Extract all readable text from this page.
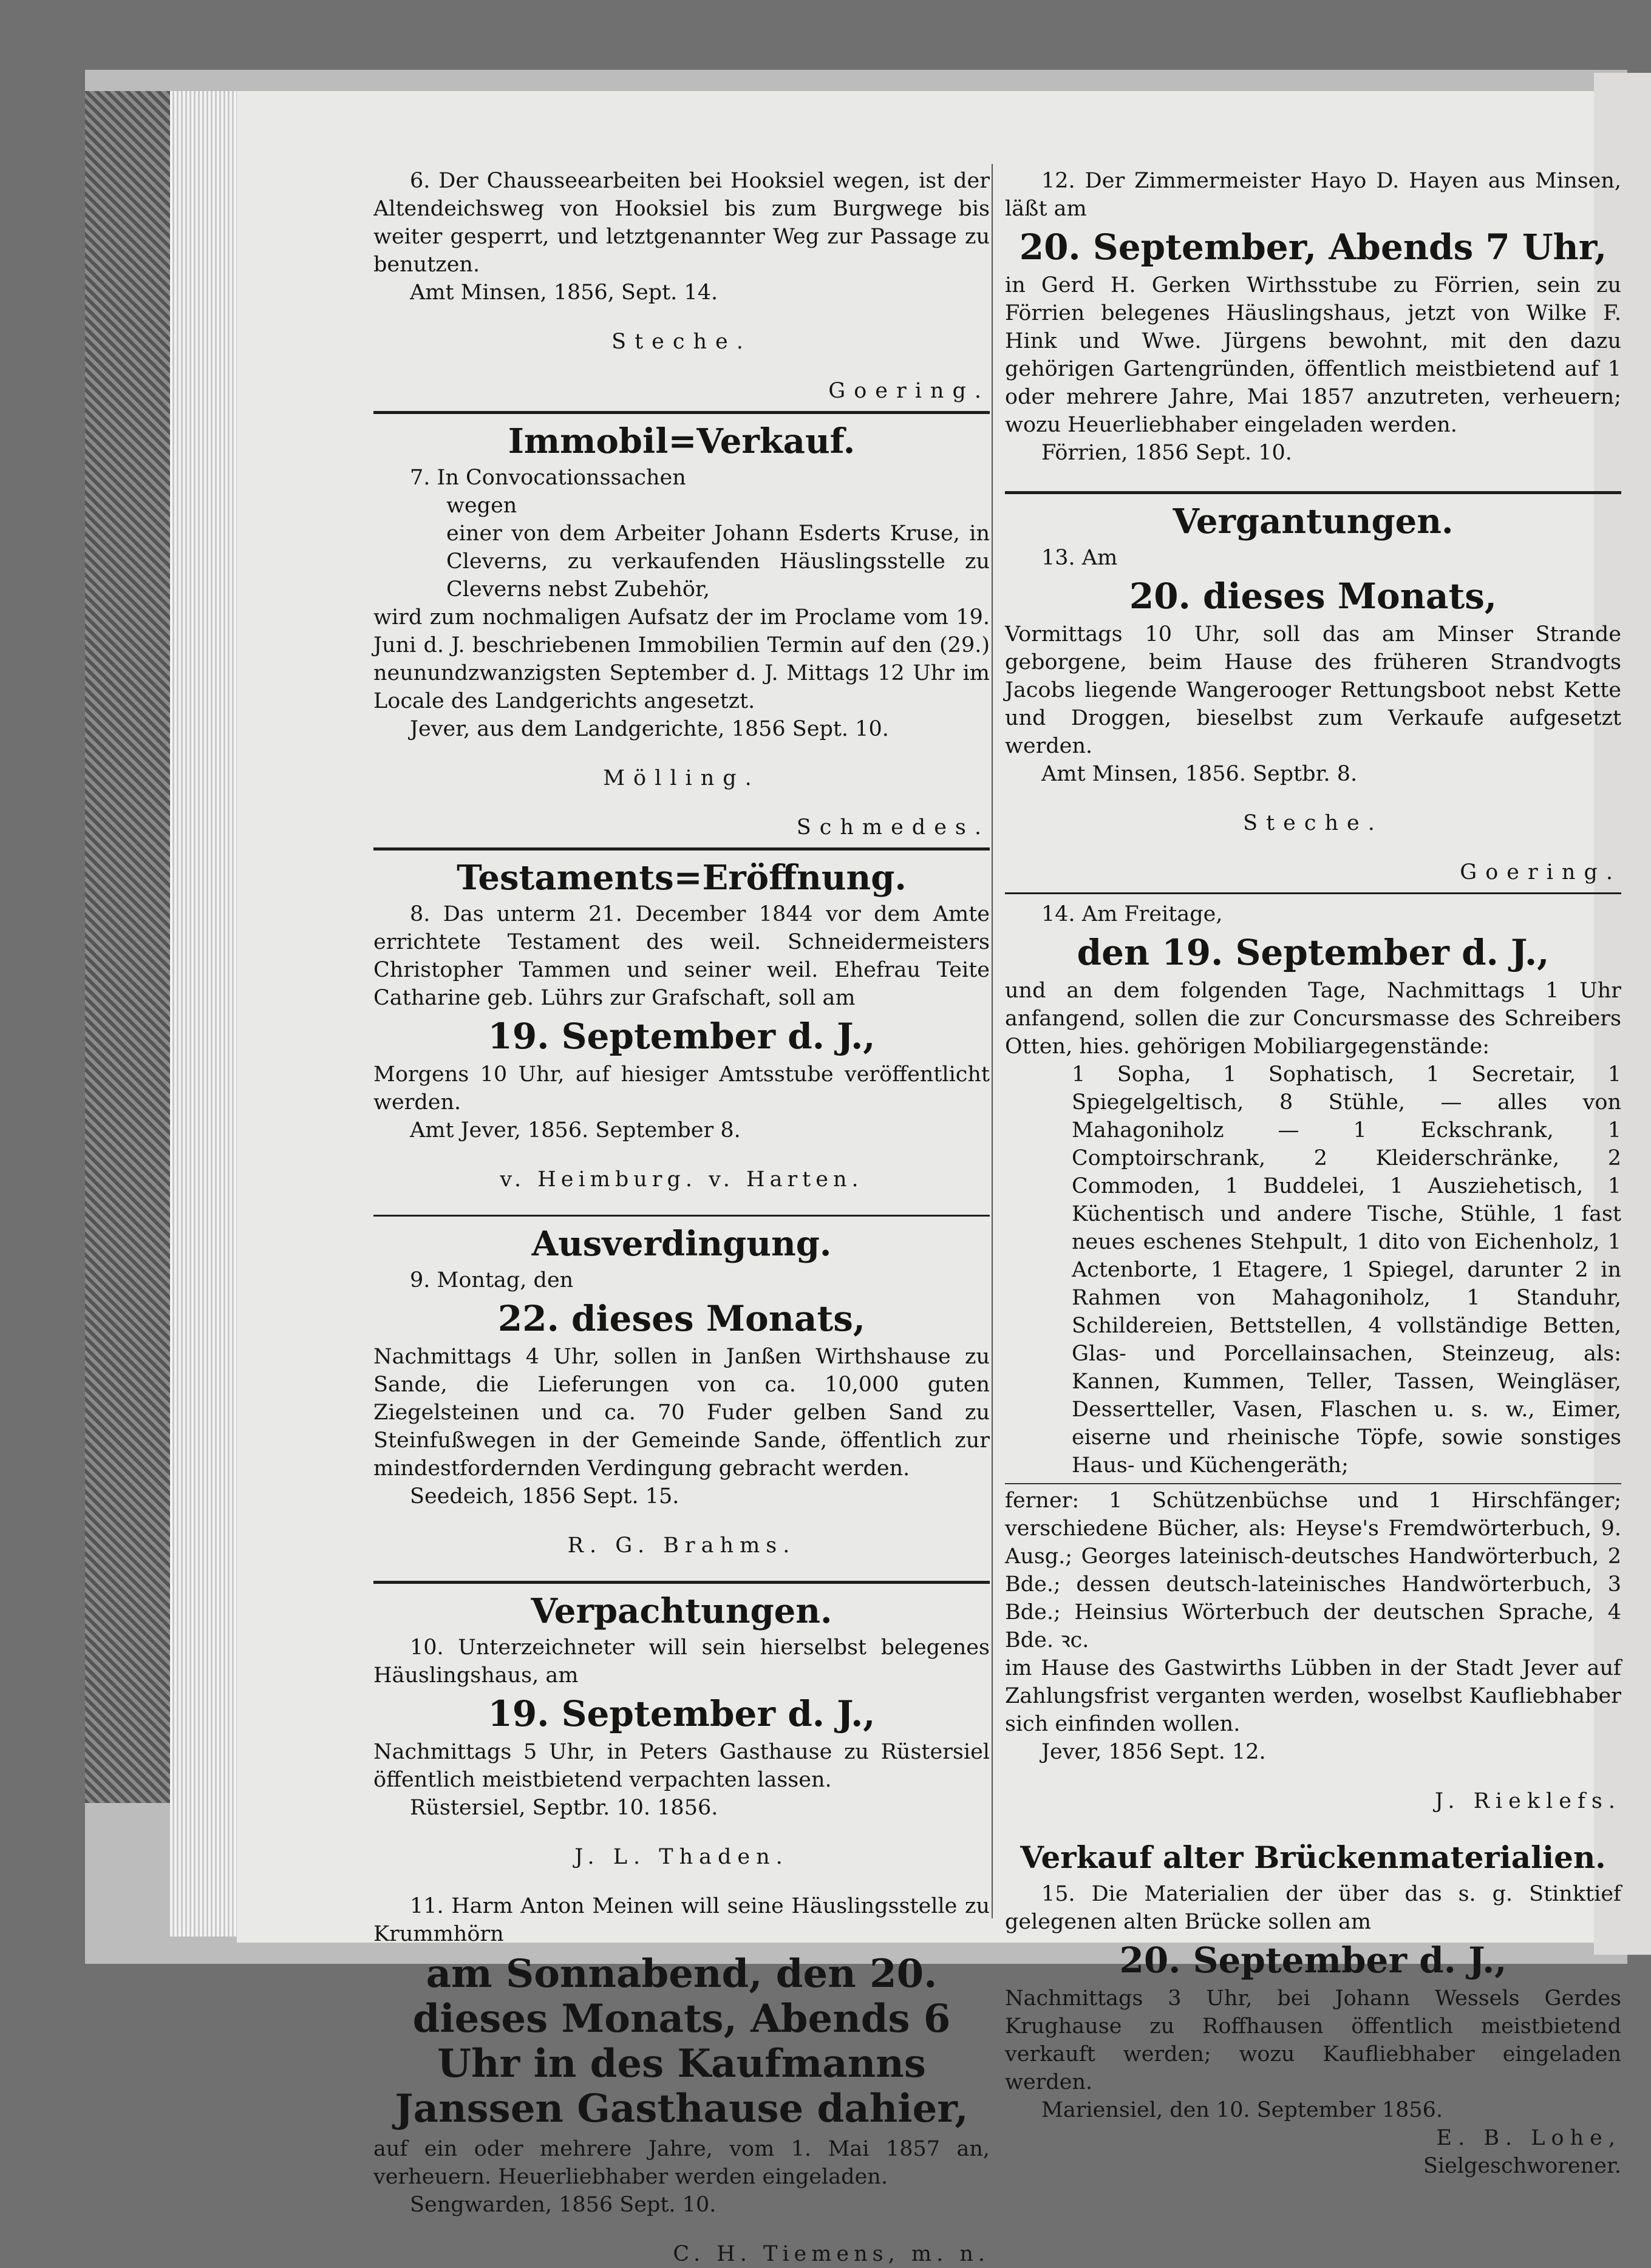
6. Der Chausseearbeiten bei Hooksiel wegen, ist der Altendeichsweg von Hooksiel bis zum Burgwege bis weiter gesperrt, und letztgenannter Weg zur Passage zu benutzen.

Amt Minsen, 1856, Sept. 14.

Steche.

Goering.

Immobil=Verkauf.

7. In Convocationssachen

wegen

einer von dem Arbeiter Johann Esderts Kruse, in Cleverns, zu verkaufenden Häuslingsstelle zu Cleverns nebst Zubehör,

wird zum nochmaligen Aufsatz der im Proclame vom 19. Juni d. J. beschriebenen Immobilien Termin auf den (29.) neunundzwanzigsten September d. J. Mittags 12 Uhr im Locale des Landgerichts angesetzt.

Jever, aus dem Landgerichte, 1856 Sept. 10.

Mölling.

Schmedes.

Testaments=Eröffnung.

8. Das unterm 21. December 1844 vor dem Amte errichtete Testament des weil. Schneidermeisters Christopher Tammen und seiner weil. Ehefrau Teite Catharine geb. Lührs zur Grafschaft, soll am

19. September d. J.,

Morgens 10 Uhr, auf hiesiger Amtsstube veröffentlicht werden.

Amt Jever, 1856. September 8.

v. Heimburg. v. Harten.

Ausverdingung.

9. Montag, den

22. dieses Monats,

Nachmittags 4 Uhr, sollen in Janßen Wirthshause zu Sande, die Lieferungen von ca. 10,000 guten Ziegelsteinen und ca. 70 Fuder gelben Sand zu Steinfußwegen in der Gemeinde Sande, öffentlich zur mindestfordernden Verdingung gebracht werden.

Seedeich, 1856 Sept. 15.

R. G. Brahms.

Verpachtungen.

10. Unterzeichneter will sein hierselbst belegenes Häuslingshaus, am

19. September d. J.,

Nachmittags 5 Uhr, in Peters Gasthause zu Rüstersiel öffentlich meistbietend verpachten lassen.

Rüstersiel, Septbr. 10. 1856.

J. L. Thaden.

11. Harm Anton Meinen will seine Häuslingsstelle zu Krummhörn

am Sonnabend, den 20. dieses Monats, Abends 6 Uhr in des Kaufmanns Janssen Gasthause dahier,

auf ein oder mehrere Jahre, vom 1. Mai 1857 an, verheuern. Heuerliebhaber werden eingeladen.

Sengwarden, 1856 Sept. 10.

C. H. Tiemens, m. n.

12. Der Zimmermeister Hayo D. Hayen aus Minsen, läßt am

20. September, Abends 7 Uhr,

in Gerd H. Gerken Wirthsstube zu Förrien, sein zu Förrien belegenes Häuslingshaus, jetzt von Wilke F. Hink und Wwe. Jürgens bewohnt, mit den dazu gehörigen Gartengründen, öffentlich meistbietend auf 1 oder mehrere Jahre, Mai 1857 anzutreten, verheuern; wozu Heuerliebhaber eingeladen werden.

Förrien, 1856 Sept. 10.

Vergantungen.

13. Am

20. dieses Monats,

Vormittags 10 Uhr, soll das am Minser Strande geborgene, beim Hause des früheren Strandvogts Jacobs liegende Wangerooger Rettungsboot nebst Kette und Droggen, bieselbst zum Verkaufe aufgesetzt werden.

Amt Minsen, 1856. Septbr. 8.

Steche.

Goering.

14. Am Freitage,

den 19. September d. J.,

und an dem folgenden Tage, Nachmittags 1 Uhr anfangend, sollen die zur Concursmasse des Schreibers Otten, hies. gehörigen Mobiliargegenstände:

1 Sopha, 1 Sophatisch, 1 Secretair, 1 Spiegelgeltisch, 8 Stühle, — alles von Mahagoniholz — 1 Eckschrank, 1 Comptoirschrank, 2 Kleiderschränke, 2 Commoden, 1 Buddelei, 1 Ausziehetisch, 1 Küchentisch und andere Tische, Stühle, 1 fast neues eschenes Stehpult, 1 dito von Eichenholz, 1 Actenborte, 1 Etagere, 1 Spiegel, darunter 2 in Rahmen von Mahagoniholz, 1 Standuhr, Schildereien, Bettstellen, 4 vollständige Betten, Glas- und Porcellainsachen, Steinzeug, als: Kannen, Kummen, Teller, Tassen, Weingläser, Dessertteller, Vasen, Flaschen u. s. w., Eimer, eiserne und rheinische Töpfe, sowie sonstiges Haus- und Küchengeräth;

ferner: 1 Schützenbüchse und 1 Hirschfänger; verschiedene Bücher, als: Heyse's Fremdwörterbuch, 9. Ausg.; Georges lateinisch-deutsches Handwörterbuch, 2 Bde.; dessen deutsch-lateinisches Handwörterbuch, 3 Bde.; Heinsius Wörterbuch der deutschen Sprache, 4 Bde. ꝛc.

im Hause des Gastwirths Lübben in der Stadt Jever auf Zahlungsfrist verganten werden, woselbst Kaufliebhaber sich einfinden wollen.

Jever, 1856 Sept. 12.

J. Rieklefs.

Verkauf alter Brückenmaterialien.

15. Die Materialien der über das s. g. Stinktief gelegenen alten Brücke sollen am

20. September d. J.,

Nachmittags 3 Uhr, bei Johann Wessels Gerdes Krughause zu Roffhausen öffentlich meistbietend verkauft werden; wozu Kaufliebhaber eingeladen werden.

Mariensiel, den 10. September 1856.

E. B. Lohe,

Sielgeschworener.
